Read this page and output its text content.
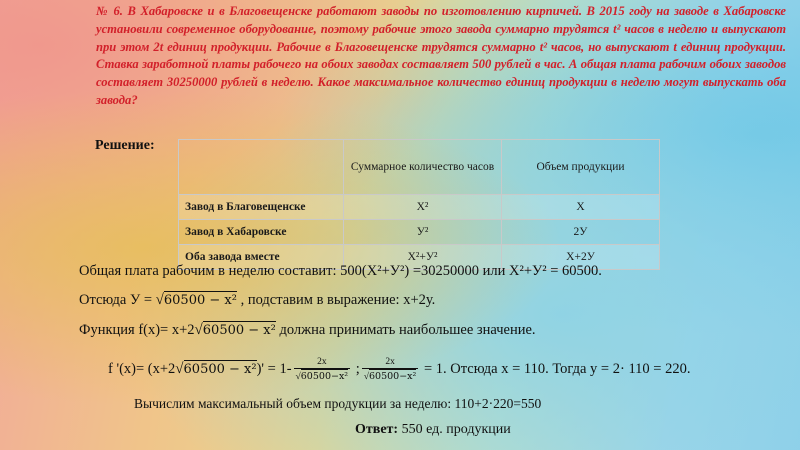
№ 6. В Хабаровске и в Благовещенске работают заводы по изготовлению кирпичей. В 2015 году на заводе в Хабаровске установили современное оборудование, поэтому рабочие этого завода суммарно трудятся t² часов в неделю и выпускают при этом 2t единиц продукции. Рабочие в Благовещенске трудятся суммарно t² часов, но выпускают t единиц продукции. Ставка заработной платы рабочего на обоих заводах составляет 500 рублей в час. А общая плата рабочим обоих заводов составляет 30250000 рублей в неделю. Какое максимальное количество единиц продукции в неделю могут выпускать оба завода?
Решение:
	Суммарное количество часов	Объем продукции
Завод в Благовещенске	Х²	Х
Завод в Хабаровске	У²	2У
Оба завода вместе	Х²+У²	Х+2У
Общая плата рабочим в неделю составит: 500(Х²+У²) =30250000 или Х²+У² = 60500.
Отсюда У = √60500 − x² , подставим в выражение: х+2у.
Функция f(x)= x+2√60500 − x² должна принимать наибольшее значение.
f '$(x)= (x+2√60500 - x^2)' = 1- \frac{2x}{\text{√60500−x²}}$ ; $\frac{2x}{\text{√60500−x²}} = 1$. Отсюда х = 110. Тогда у = 2· 110 = 220.
Вычислим максимальный объем продукции за неделю: 110+2·220=550
Ответ: 550 ед. продукции
